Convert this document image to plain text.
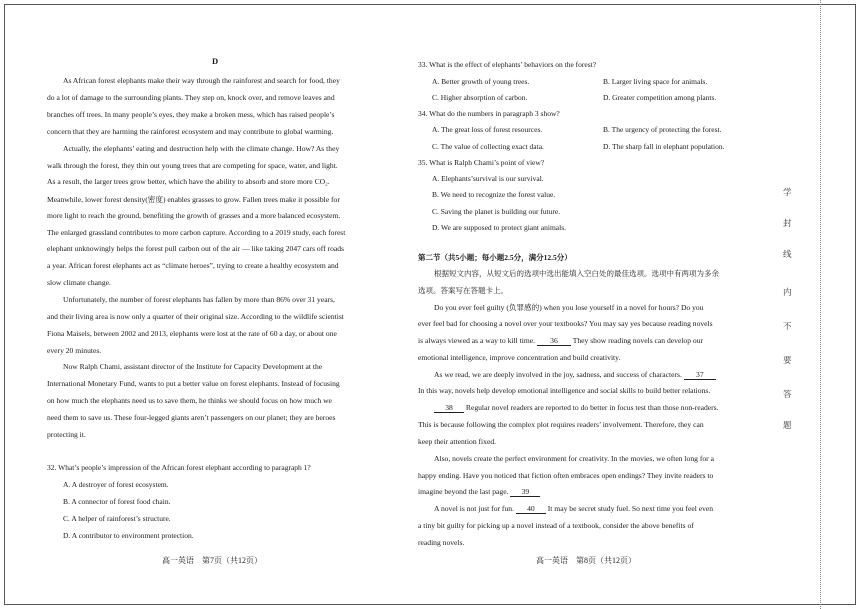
D
As African forest elephants make their way through the rainforest and search for food, they
do a lot of damage to the surrounding plants. They step on, knock over, and remove leaves and
branches off trees. In many people’s eyes, they make a broken mess, which has raised people’s
concern that they are harming the rainforest ecosystem and may contribute to global warming.
Actually, the elephants’ eating and destruction help with the climate change. How? As they
walk through the forest, they thin out young trees that are competing for space, water, and light.
As a result, the larger trees grow better, which have the ability to absorb and store more CO₂.
Meanwhile, lower forest density(密度) enables grasses to grow. Fallen trees make it possible for
more light to reach the ground, benefiting the growth of grasses and a more balanced ecosystem.
The enlarged grassland contributes to more carbon capture. According to a 2019 study, each forest
elephant unknowingly helps the forest pull carbon out of the air — like taking 2047 cars off roads
a year. African forest elephants act as “climate heroes”, trying to create a healthy ecosystem and
slow climate change.
Unfortunately, the number of forest elephants has fallen by more than 86% over 31 years,
and their living area is now only a quarter of their original size. According to the wildlife scientist
Fiona Maisels, between 2002 and 2013, elephants were lost at the rate of 60 a day, or about one
every 20 minutes.
Now Ralph Chami, assistant director of the Institute for Capacity Development at the
International Monetary Fund, wants to put a better value on forest elephants. Instead of focusing
on how much the elephants need us to save them, he thinks we should focus on how much we
need them to save us. These four-legged giants aren’t passengers on our planet; they are heroes
protecting it.
32. What’s people’s impression of the African forest elephant according to paragraph 1?
A. A destroyer of forest ecosystem.
B. A connector of forest food chain.
C. A helper of rainforest’s structure.
D. A contributor to environment protection.
高一英语　第7页（共12页）
33. What is the effect of elephants’ behaviors on the forest?
A. Better growth of young trees.	B. Larger living space for animals.
C. Higher absorption of carbon.	D. Greater competition among plants.
34. What do the numbers in paragraph 3 show?
A. The great loss of forest resources.	B. The urgency of protecting the forest.
C. The value of collecting exact data.	D. The sharp fall in elephant population.
35. What is Ralph Chami’s point of view?
A. Elephants’survival is our survival.
B. We need to recognize the forest value.
C. Saving the planet is building our future.
D. We are supposed to protect giant animals.
第二节（共5小题；每小题2.5分，满分12.5分）
根据短文内容，从短文后的选项中选出能填入空白处的最佳选项。选项中有两项为多余
选项。答案写在答题卡上。
Do you ever feel guilty (负罪感的) when you lose yourself in a novel for hours? Do you
ever feel bad for choosing a novel over your textbooks? You may say yes because reading novels
is always viewed as a way to kill time. 36 They show reading novels can develop our
emotional intelligence, improve concentration and build creativity.
As we read, we are deeply involved in the joy, sadness, and success of characters. 37
In this way, novels help develop emotional intelligence and social skills to build better relations.
38 Regular novel readers are reported to do better in focus test than those non-readers.
This is because following the complex plot requires readers’ involvement. Therefore, they can
keep their attention fixed.
Also, novels create the perfect environment for creativity. In the movies, we often long for a
happy ending. Have you noticed that fiction often embraces open endings? They invite readers to
imagine beyond the last page. 39
A novel is not just for fun. 40 It may be secret study fuel. So next time you feel even
a tiny bit guilty for picking up a novel instead of a textbook, consider the above benefits of
reading novels.
高一英语　第8页（共12页）
学
封
线
内
不
要
答
题
